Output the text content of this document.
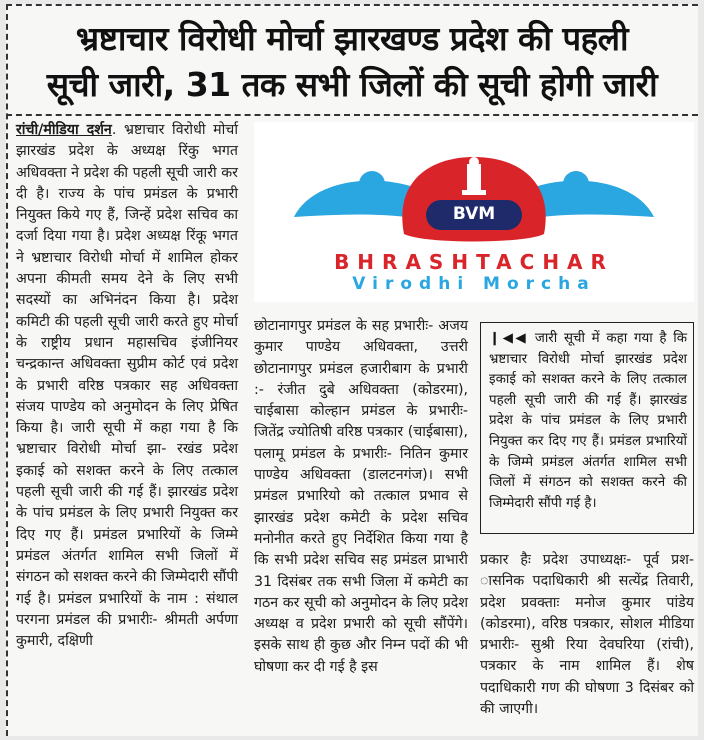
भ्रष्टाचार विरोधी मोर्चा झारखण्ड प्रदेश की पहली
सूची जारी, 31 तक सभी जिलों की सूची होगी जारी

रांची/मीडिया दर्शन. भ्रष्टाचार विरोधी मोर्चा झारखंड प्रदेश के अध्यक्ष रिंकु भगत अधिवक्ता ने प्रदेश की पहली सूची जारी कर दी है। राज्य के पांच प्रमंडल के प्रभारी नियुक्त किये गए हैं, जिन्हें प्रदेश सचिव का दर्जा दिया गया है। प्रदेश अध्यक्ष रिंकू भगत ने भ्रष्टाचार विरोधी मोर्चा में शामिल होकर अपना कीमती समय देने के लिए सभी सदस्यों का अभिनंदन किया है। प्रदेश कमिटी की पहली सूची जारी करते हुए मोर्चा के राष्ट्रीय प्रधान महासचिव इंजीनियर चन्द्रकान्त अधिवक्ता सुप्रीम कोर्ट एवं प्रदेश के प्रभारी वरिष्ठ पत्रकार सह अधिवक्ता संजय पाण्डेय को अनुमोदन के लिए प्रेषित किया है। जारी सूची में कहा गया है कि भ्रष्टाचार विरोधी मोर्चा झा- रखंड प्रदेश इकाई को सशक्त करने के लिए तत्काल पहली सूची जारी की गई हैं। झारखंड प्रदेश के पांच प्रमंडल के लिए प्रभारी नियुक्त कर दिए गए हैं। प्रमंडल प्रभारियों के जिम्मे प्रमंडल अंतर्गत शामिल सभी जिलों में संगठन को सशक्त करने की जिम्मेदारी सौंपी गई है। प्रमंडल प्रभारियों के नाम : संथाल परगना प्रमंडल की प्रभारीः- श्रीमती अर्पणा कुमारी, दक्षिणी

BVM
BHRASHTACHAR
Virodhi Morcha

छोटानागपुर प्रमंडल के सह प्रभारीः- अजय कुमार पाण्डेय अधिवक्ता, उत्तरी छोटानागपुर प्रमंडल हजारीबाग के प्रभारी :- रंजीत दुबे अधिवक्ता (कोडरमा), चाईबासा कोल्हान प्रमंडल के प्रभारीः- जितेंद्र ज्योतिषी वरिष्ठ पत्रकार (चाईबासा), पलामू प्रमंडल के प्रभारीः- नितिन कुमार पाण्डेय अधिवक्ता (डालटनगंज)। सभी प्रमंडल प्रभारियो को तत्काल प्रभाव से झारखंड प्रदेश कमेटी के प्रदेश सचिव मनोनीत करते हुए निर्देशित किया गया है कि सभी प्रदेश सचिव सह प्रमंडल प्राभारी 31 दिसंबर तक सभी जिला में कमेटी का गठन कर सूची को अनुमोदन के लिए प्रदेश अध्यक्ष व प्रदेश प्रभारी को सूची सौंपेंगे। इसके साथ ही कुछ और निम्न पदों की भी घोषणा कर दी गई है इस

❙◀◀ जारी सूची में कहा गया है कि भ्रष्टाचार विरोधी मोर्चा झारखंड प्रदेश इकाई को सशक्त करने के लिए तत्काल पहली सूची जारी की गई हैं। झारखंड प्रदेश के पांच प्रमंडल के लिए प्रभारी नियुक्त कर दिए गए हैं। प्रमंडल प्रभारियों के जिम्मे प्रमंडल अंतर्गत शामिल सभी जिलों में संगठन को सशक्त करने की जिम्मेदारी सौंपी गई है।

प्रकार हैः प्रदेश उपाध्यक्षः- पूर्व प्रश- ासनिक पदाधिकारी श्री सत्येंद्र तिवारी, प्रदेश प्रवक्ताः मनोज कुमार पांडेय (कोडरमा), वरिष्ठ पत्रकार, सोशल मीडिया प्रभारीः- सुश्री रिया देवघरिया (रांची), पत्रकार के नाम शामिल हैं। शेष पदाधिकारी गण की घोषणा 3 दिसंबर को की जाएगी।
